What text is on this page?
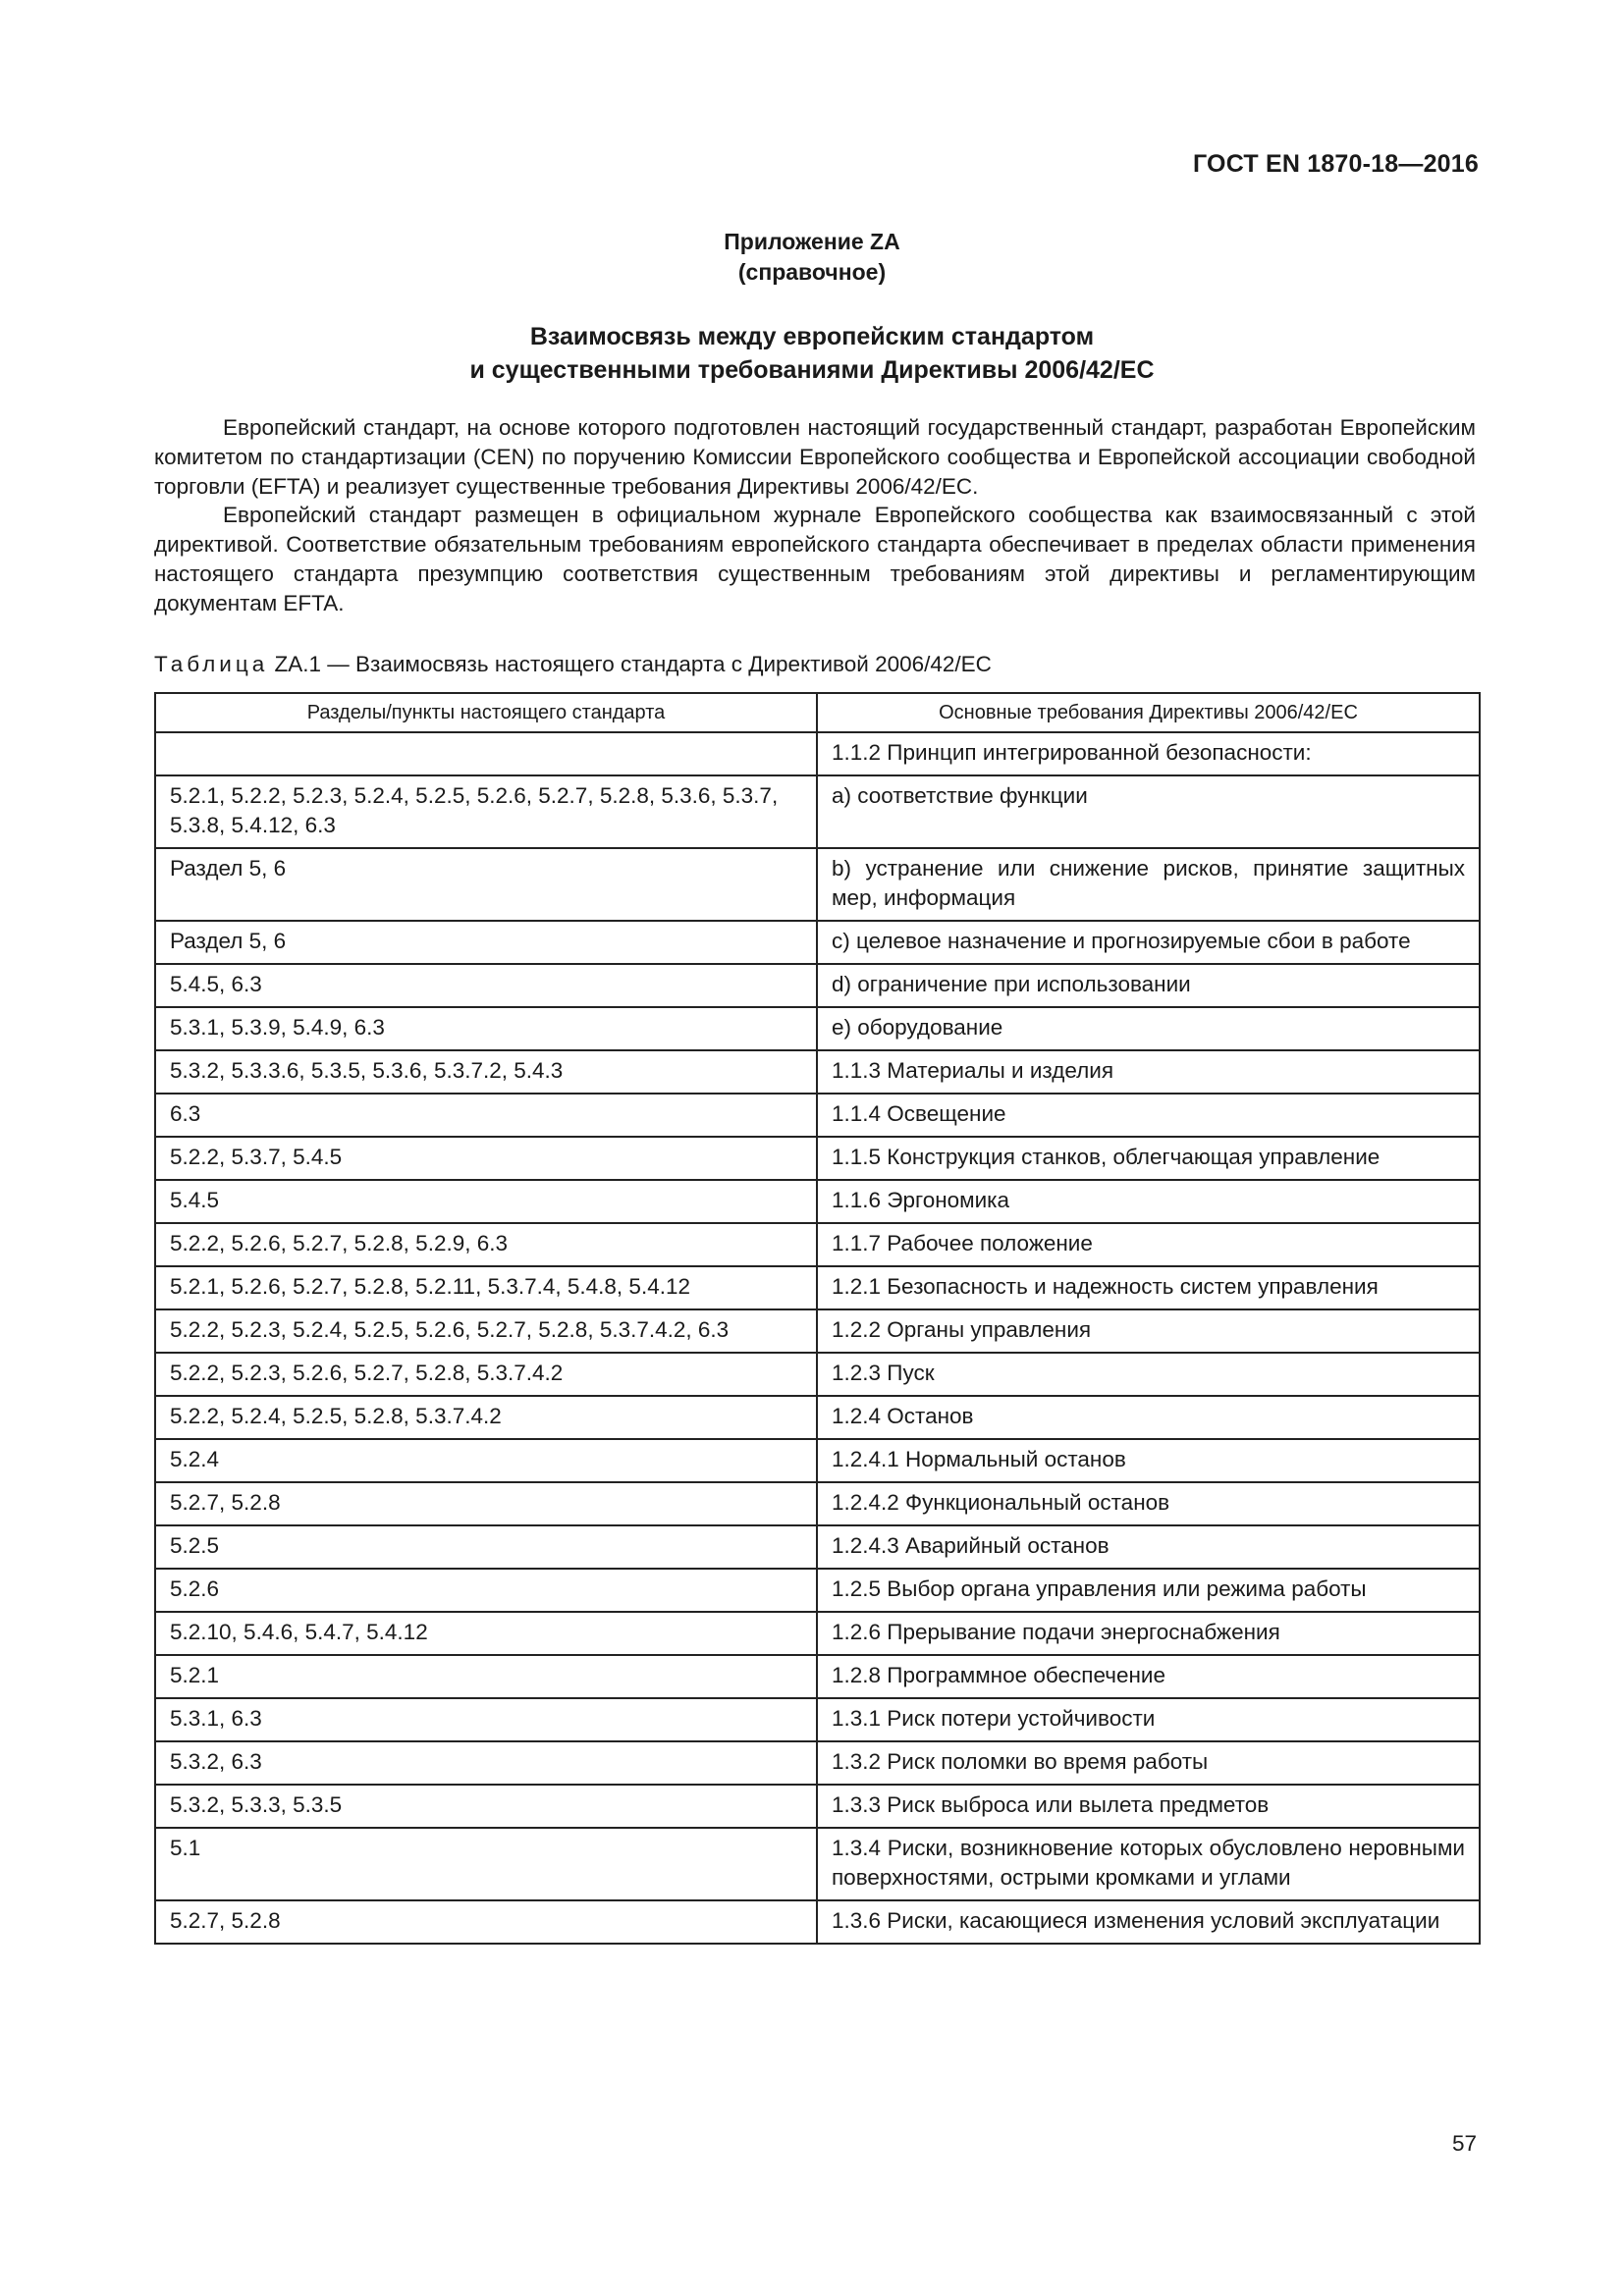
ГОСТ EN 1870-18—2016
Приложение ZA
(справочное)
Взаимосвязь между европейским стандартом
и существенными требованиями Директивы 2006/42/ЕС

Европейский стандарт, на основе которого подготовлен настоящий государственный стандарт, разработан Европейским комитетом по стандартизации (CEN) по поручению Комиссии Европейского сообщества и Европейской ассоциации свободной торговли (EFTA) и реализует существенные требования Директивы 2006/42/ЕС.

Европейский стандарт размещен в официальном журнале Европейского сообщества как взаимосвязанный с этой директивой. Соответствие обязательным требованиям европейского стандарта обеспечивает в пределах области применения настоящего стандарта презумпцию соответствия существенным требованиям этой директивы и регламентирующим документам EFTA.

Таблица ZA.1 — Взаимосвязь настоящего стандарта с Директивой 2006/42/ЕС
Разделы/пункты настоящего стандарта	Основные требования Директивы 2006/42/ЕС
	1.1.2 Принцип интегрированной безопасности:
5.2.1, 5.2.2, 5.2.3, 5.2.4, 5.2.5, 5.2.6, 5.2.7, 5.2.8, 5.3.6, 5.3.7, 5.3.8, 5.4.12, 6.3	а) соответствие функции
Раздел 5, 6	b) устранение или снижение рисков, принятие защитных мер, информация
Раздел 5, 6	с) целевое назначение и прогнозируемые сбои в работе
5.4.5, 6.3	d) ограничение при использовании
5.3.1, 5.3.9, 5.4.9, 6.3	е) оборудование
5.3.2, 5.3.3.6, 5.3.5, 5.3.6, 5.3.7.2, 5.4.3	1.1.3 Материалы и изделия
6.3	1.1.4 Освещение
5.2.2, 5.3.7, 5.4.5	1.1.5 Конструкция станков, облегчающая управление
5.4.5	1.1.6 Эргономика
5.2.2, 5.2.6, 5.2.7, 5.2.8, 5.2.9, 6.3	1.1.7 Рабочее положение
5.2.1, 5.2.6, 5.2.7, 5.2.8, 5.2.11, 5.3.7.4, 5.4.8, 5.4.12	1.2.1 Безопасность и надежность систем управления
5.2.2, 5.2.3, 5.2.4, 5.2.5, 5.2.6, 5.2.7, 5.2.8, 5.3.7.4.2, 6.3	1.2.2 Органы управления
5.2.2, 5.2.3, 5.2.6, 5.2.7, 5.2.8, 5.3.7.4.2	1.2.3 Пуск
5.2.2, 5.2.4, 5.2.5, 5.2.8, 5.3.7.4.2	1.2.4 Останов
5.2.4	1.2.4.1 Нормальный останов
5.2.7, 5.2.8	1.2.4.2 Функциональный останов
5.2.5	1.2.4.3 Аварийный останов
5.2.6	1.2.5 Выбор органа управления или режима работы
5.2.10, 5.4.6, 5.4.7, 5.4.12	1.2.6 Прерывание подачи энергоснабжения
5.2.1	1.2.8 Программное обеспечение
5.3.1, 6.3	1.3.1 Риск потери устойчивости
5.3.2, 6.3	1.3.2 Риск поломки во время работы
5.3.2, 5.3.3, 5.3.5	1.3.3 Риск выброса или вылета предметов
5.1	1.3.4 Риски, возникновение которых обусловлено неровными поверхностями, острыми кромками и углами
5.2.7, 5.2.8	1.3.6 Риски, касающиеся изменения условий эксплуатации
57
